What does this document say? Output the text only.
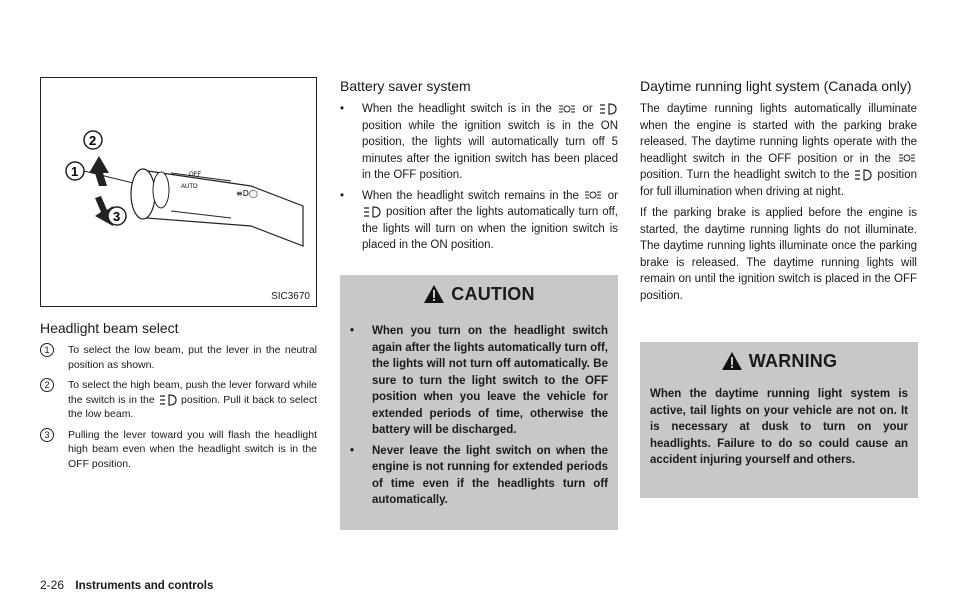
OFF
AUTO
≡D◯
2
1
3
SIC3670
Headlight beam select
1	To select the low beam, put the lever in the neutral position as shown.
2	To select the high beam, push the lever forward while the switch is in the	position. Pull it back to select the low beam.
3	Pulling the lever toward you will flash the headlight high beam even when the headlight switch is in the OFF position.
Battery saver system
• When the headlight switch is in the	or  position while the ignition switch is in the ON position, the lights will automatically turn off 5 minutes after the ignition switch has been placed in the OFF position.
• When the headlight switch remains in the	or  position after the lights automatically turn off, the lights will turn on when the ignition switch is placed in the ON position.
CAUTION
• When you turn on the headlight switch again after the lights automatically turn off, the lights will not turn off automatically. Be sure to turn the light switch to the OFF position when you leave the vehicle for extended periods of time, otherwise the battery will be discharged.
• Never leave the light switch on when the engine is not running for extended periods of time even if the headlights turn off automatically.
Daytime running light system (Canada only)

The daytime running lights automatically illuminate when the engine is started with the parking brake released. The daytime running lights operate with the headlight switch in the OFF position or in the  position. Turn the headlight switch to the position for full illumination when driving at night.

If the parking brake is applied before the engine is started, the daytime running lights do not illuminate. The daytime running lights illuminate once the parking brake is released. The daytime running lights will remain on until the ignition switch is placed in the OFF position.

WARNING
When the daytime running light system is active, tail lights on your vehicle are not on. It is necessary at dusk to turn on your headlights. Failure to do so could cause an accident injuring yourself and others.
2-26 Instruments and controls
